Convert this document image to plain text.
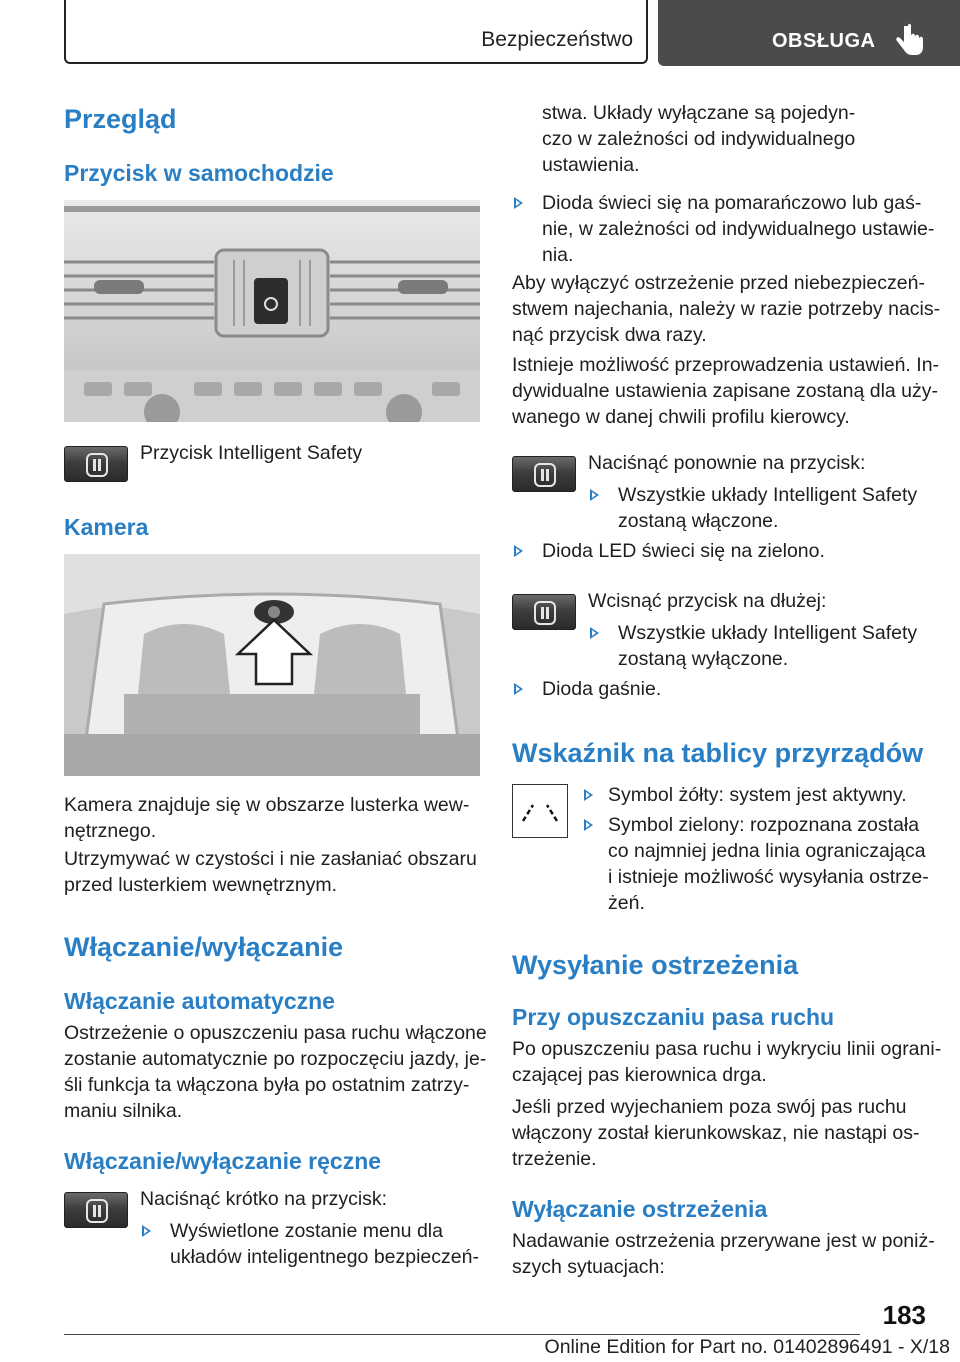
Bezpieczeństwo	OBSŁUGA
Przegląd
Przycisk w samochodzie
Przycisk Intelligent Safety
Kamera
Kamera znajduje się w obszarze lusterka wew-
nętrznego.
Utrzymywać w czystości i nie zasłaniać obszaru
przed lusterkiem wewnętrznym.
Włączanie/wyłączanie
Włączanie automatyczne
Ostrzeżenie o opuszczeniu pasa ruchu włączone
zostanie automatycznie po rozpoczęciu jazdy, je-
śli funkcja ta włączona była po ostatnim zatrzy-
maniu silnika.
Włączanie/wyłączanie ręczne
Naciśnąć krótko na przycisk:
Wyświetlone zostanie menu dla
układów inteligentnego bezpieczeń-
stwa. Układy wyłączane są pojedyn-
czo w zależności od indywidualnego
ustawienia.
Dioda świeci się na pomarańczowo lub gaś-
nie, w zależności od indywidualnego ustawie-
nia.
Aby wyłączyć ostrzeżenie przed niebezpieczeń-
stwem najechania, należy w razie potrzeby nacis-
nąć przycisk dwa razy.
Istnieje możliwość przeprowadzenia ustawień. In-
dywidualne ustawienia zapisane zostaną dla uży-
wanego w danej chwili profilu kierowcy.
Naciśnąć ponownie na przycisk:
Wszystkie układy Intelligent Safety
zostaną włączone.
Dioda LED świeci się na zielono.
Wcisnąć przycisk na dłużej:
Wszystkie układy Intelligent Safety
zostaną wyłączone.
Dioda gaśnie.
Wskaźnik na tablicy przyrządów
Symbol żółty: system jest aktywny.
Symbol zielony: rozpoznana została
co najmniej jedna linia ograniczająca
i istnieje możliwość wysyłania ostrze-
żeń.
Wysyłanie ostrzeżenia
Przy opuszczaniu pasa ruchu
Po opuszczeniu pasa ruchu i wykryciu linii ograni-
czającej pas kierownica drga.
Jeśli przed wyjechaniem poza swój pas ruchu
włączony został kierunkowskaz, nie nastąpi os-
trzeżenie.
Wyłączanie ostrzeżenia
Nadawanie ostrzeżenia przerywane jest w poniż-
szych sytuacjach:
183
Online Edition for Part no. 01402896491 - X/18
